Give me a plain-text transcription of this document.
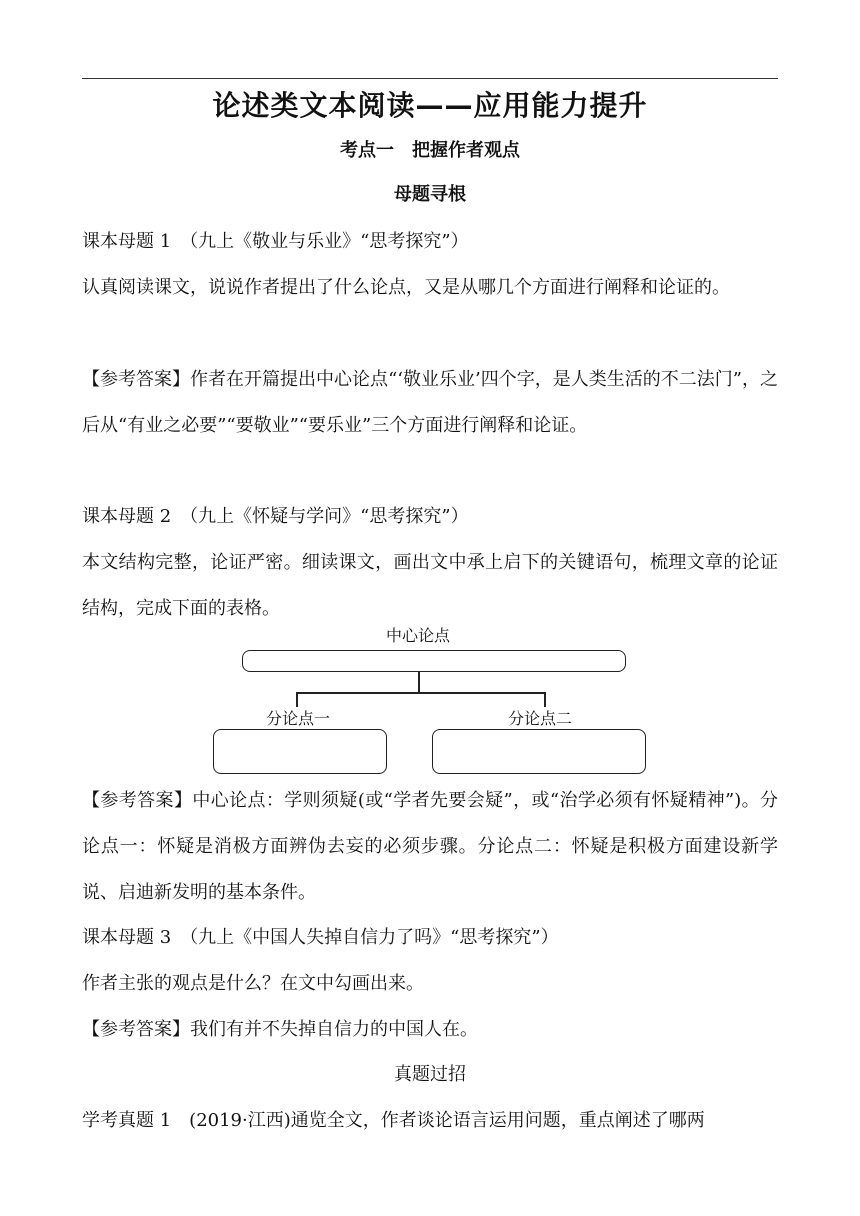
论述类文本阅读——应用能力提升
考点一　把握作者观点
母题寻根
课本母题 1　（九上《敬业与乐业》“思考探究”）
认真阅读课文，说说作者提出了什么论点，又是从哪几个方面进行阐释和论证的。
【参考答案】作者在开篇提出中心论点“‘敬业乐业’四个字，是人类生活的不二法门”，之后从“有业之必要”“要敬业”“要乐业”三个方面进行阐释和论证。
课本母题 2　（九上《怀疑与学问》“思考探究”）
本文结构完整，论证严密。细读课文，画出文中承上启下的关键语句，梳理文章的论证结构，完成下面的表格。
中心论点
分论点一	分论点二
【参考答案】中心论点：学则须疑(或“学者先要会疑”，或“治学必须有怀疑精神”)。分论点一：怀疑是消极方面辨伪去妄的必须步骤。分论点二：怀疑是积极方面建设新学说、启迪新发明的基本条件。
课本母题 3　（九上《中国人失掉自信力了吗》“思考探究”）
作者主张的观点是什么？在文中勾画出来。
【参考答案】我们有并不失掉自信力的中国人在。
真题过招
学考真题 1　(2019·江西)通览全文，作者谈论语言运用问题，重点阐述了哪两
